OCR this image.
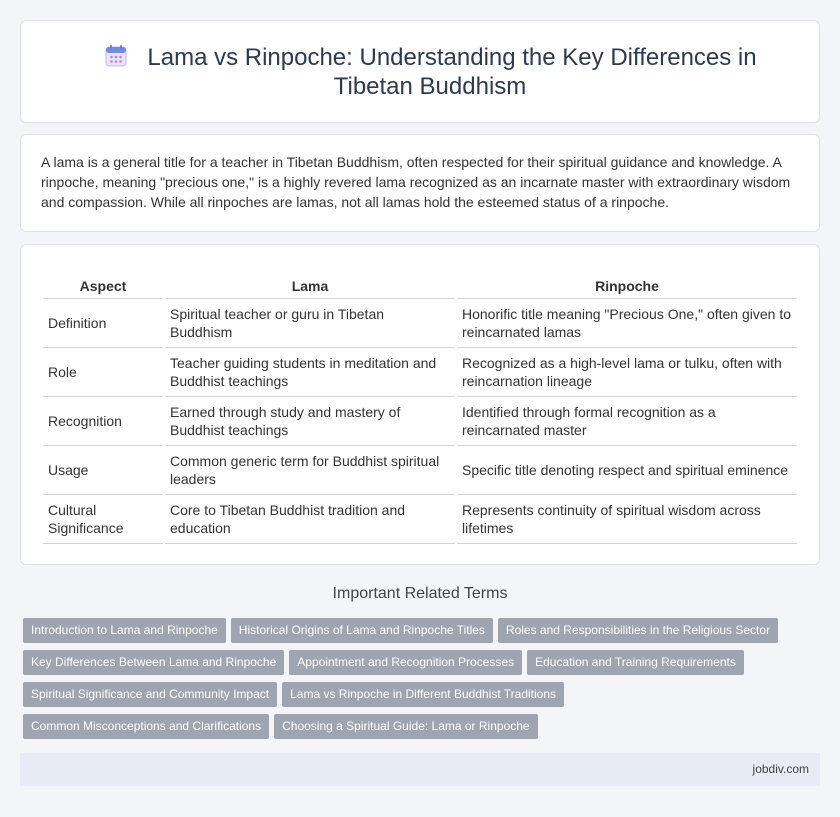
Lama vs Rinpoche: Understanding the Key Differences in Tibetan Buddhism

A lama is a general title for a teacher in Tibetan Buddhism, often respected for their spiritual guidance and knowledge. A rinpoche, meaning "precious one," is a highly revered lama recognized as an incarnate master with extraordinary wisdom and compassion. While all rinpoches are lamas, not all lamas hold the esteemed status of a rinpoche.

Aspect	Lama	Rinpoche
Definition	Spiritual teacher or guru in Tibetan Buddhism	Honorific title meaning "Precious One," often given to reincarnated lamas
Role	Teacher guiding students in meditation and Buddhist teachings	Recognized as a high-level lama or tulku, often with reincarnation lineage
Recognition	Earned through study and mastery of Buddhist teachings	Identified through formal recognition as a reincarnated master
Usage	Common generic term for Buddhist spiritual leaders	Specific title denoting respect and spiritual eminence
Cultural Significance	Core to Tibetan Buddhist tradition and education	Represents continuity of spiritual wisdom across lifetimes
Important Related Terms
Introduction to Lama and Rinpoche Historical Origins of Lama and Rinpoche Titles Roles and Responsibilities in the Religious Sector
Key Differences Between Lama and Rinpoche Appointment and Recognition Processes Education and Training Requirements
Spiritual Significance and Community Impact Lama vs Rinpoche in Different Buddhist Traditions
Common Misconceptions and Clarifications Choosing a Spiritual Guide: Lama or Rinpoche
jobdiv.com
